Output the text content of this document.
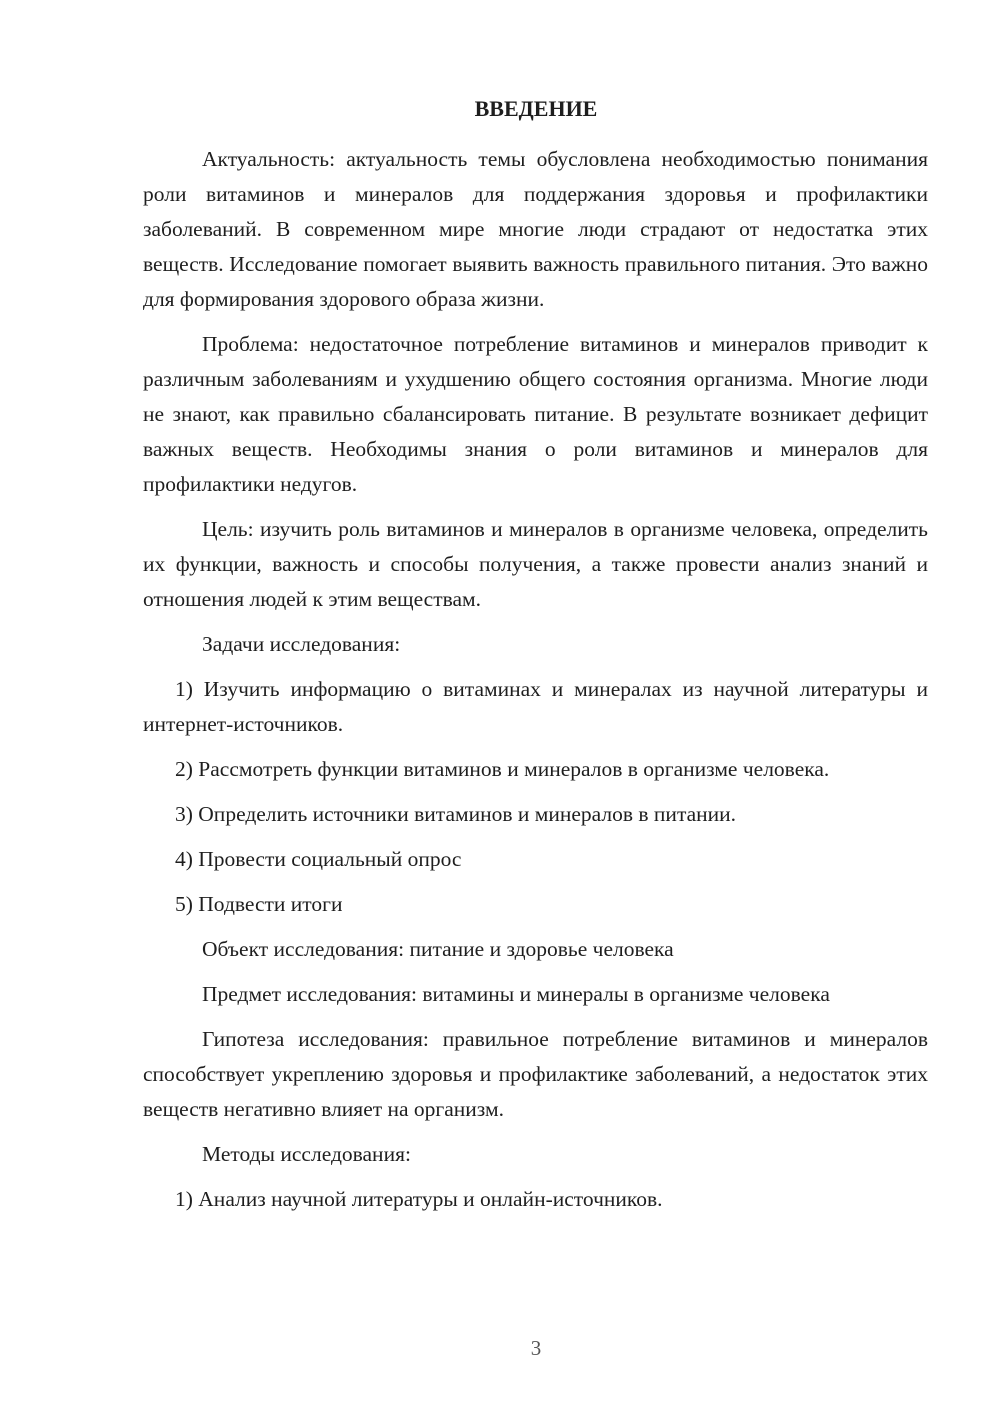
ВВЕДЕНИЕ
Актуальность: актуальность темы обусловлена необходимостью понимания роли витаминов и минералов для поддержания здоровья и профилактики заболеваний. В современном мире многие люди страдают от недостатка этих веществ. Исследование помогает выявить важность правильного питания. Это важно для формирования здорового образа жизни.
Проблема: недостаточное потребление витаминов и минералов приводит к различным заболеваниям и ухудшению общего состояния организма. Многие люди не знают, как правильно сбалансировать питание. В результате возникает дефицит важных веществ. Необходимы знания о роли витаминов и минералов для профилактики недугов.
Цель: изучить роль витаминов и минералов в организме человека, определить их функции, важность и способы получения, а также провести анализ знаний и отношения людей к этим веществам.
Задачи исследования:
1) Изучить информацию о витаминах и минералах из научной литературы и интернет-источников.
2) Рассмотреть функции витаминов и минералов в организме человека.
3) Определить источники витаминов и минералов в питании.
4) Провести социальный опрос
5) Подвести итоги
Объект исследования: питание и здоровье человека
Предмет исследования: витамины и минералы в организме человека
Гипотеза исследования: правильное потребление витаминов и минералов способствует укреплению здоровья и профилактике заболеваний, а недостаток этих веществ негативно влияет на организм.
Методы исследования:
1) Анализ научной литературы и онлайн-источников.
3
